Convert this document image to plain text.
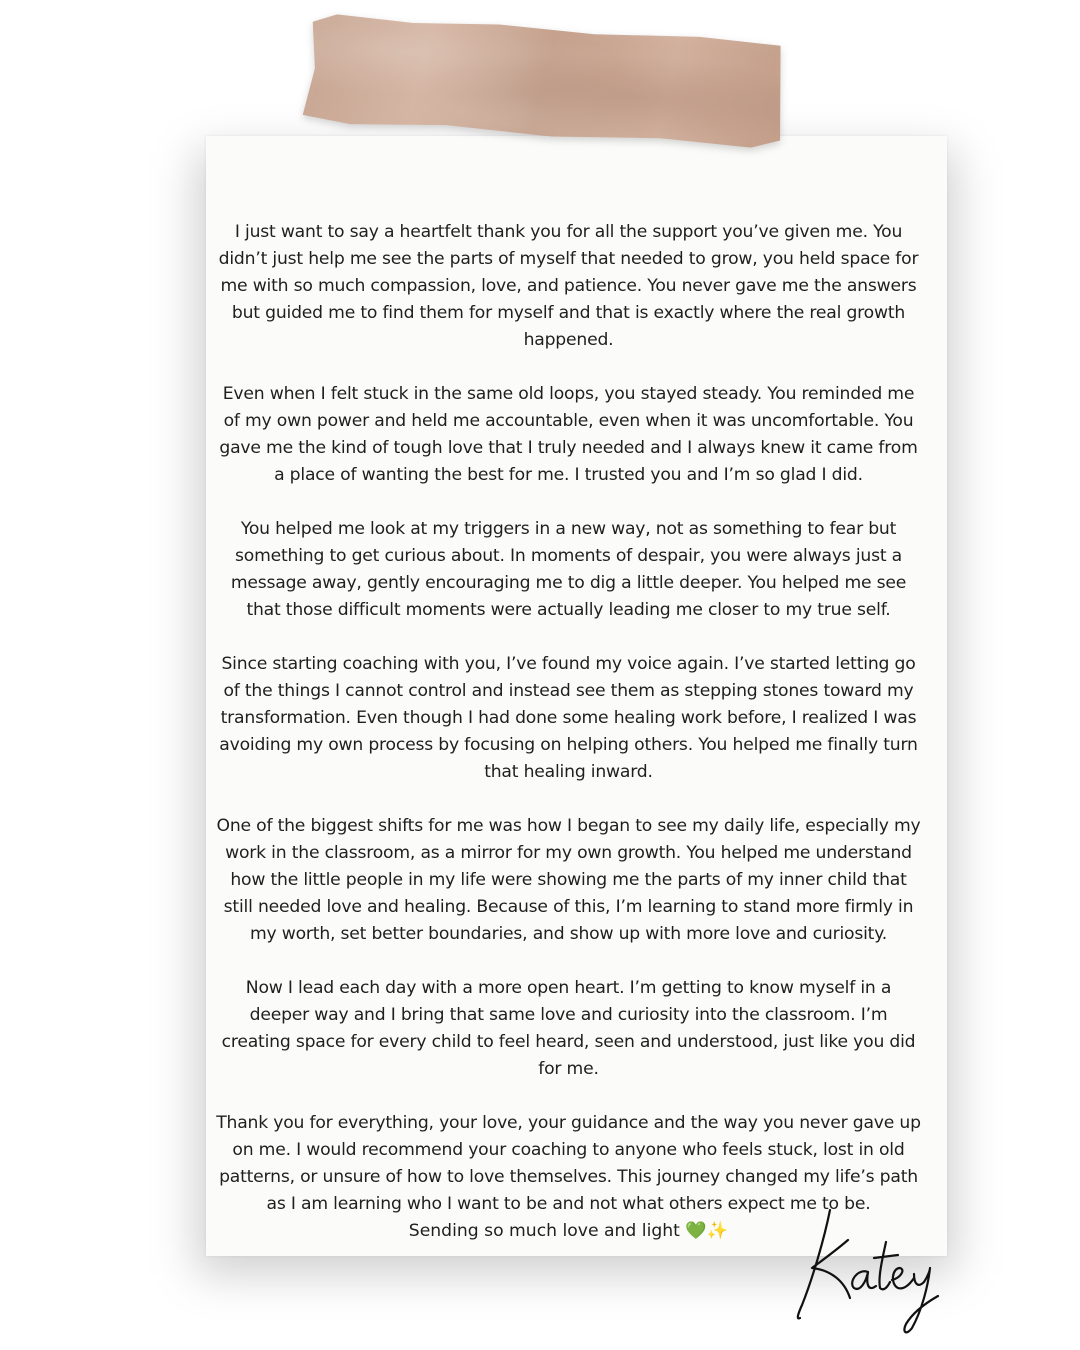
I just want to say a heartfelt thank you for all the support you’ve given me. You didn’t just help me see the parts of myself that needed to grow, you held space for me with so much compassion, love, and patience. You never gave me the answers but guided me to find them for myself and that is exactly where the real growth happened.

Even when I felt stuck in the same old loops, you stayed steady. You reminded me of my own power and held me accountable, even when it was uncomfortable. You gave me the kind of tough love that I truly needed and I always knew it came from a place of wanting the best for me. I trusted you and I’m so glad I did.

You helped me look at my triggers in a new way, not as something to fear but something to get curious about. In moments of despair, you were always just a message away, gently encouraging me to dig a little deeper. You helped me see that those difficult moments were actually leading me closer to my true self.

Since starting coaching with you, I’ve found my voice again. I’ve started letting go of the things I cannot control and instead see them as stepping stones toward my transformation. Even though I had done some healing work before, I realized I was avoiding my own process by focusing on helping others. You helped me finally turn that healing inward.

One of the biggest shifts for me was how I began to see my daily life, especially my work in the classroom, as a mirror for my own growth. You helped me understand how the little people in my life were showing me the parts of my inner child that still needed love and healing. Because of this, I’m learning to stand more firmly in my worth, set better boundaries, and show up with more love and curiosity.

Now I lead each day with a more open heart. I’m getting to know myself in a deeper way and I bring that same love and curiosity into the classroom. I’m creating space for every child to feel heard, seen and understood, just like you did for me.

Thank you for everything, your love, your guidance and the way you never gave up on me. I would recommend your coaching to anyone who feels stuck, lost in old patterns, or unsure of how to love themselves. This journey changed my life’s path as I am learning who I want to be and not what others expect me to be.

Sending so much love and light 💚✨
